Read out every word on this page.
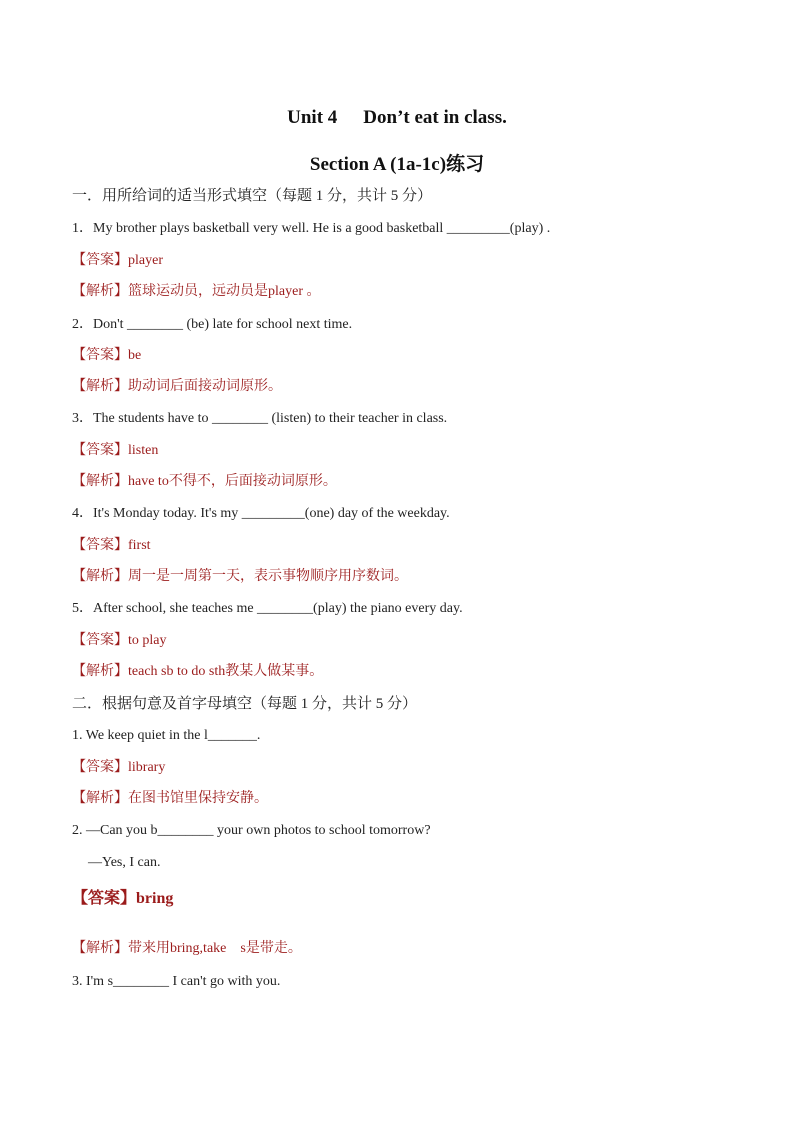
Unit 4 Don’t eat in class.
Section A (1a-1c)练习
一．用所给词的适当形式填空（每题 1 分，共计 5 分）
1．My brother plays basketball very well. He is a good basketball _________(play) .
【答案】player
【解析】篮球运动员，远动员是player 。
2．Don't ________ (be) late for school next time.
【答案】be
【解析】助动词后面接动词原形。
3．The students have to ________ (listen) to their teacher in class.
【答案】listen
【解析】have to不得不，后面接动词原形。
4．It's Monday today. It's my _________(one) day of the weekday.
【答案】first
【解析】周一是一周第一天，表示事物顺序用序数词。
5．After school, she teaches me ________(play) the piano every day.
【答案】to play
【解析】teach sb to do sth教某人做某事。
二．根据句意及首字母填空（每题 1 分，共计 5 分）
1. We keep quiet in the l_______.
【答案】library
【解析】在图书馆里保持安静。
2. —Can you b________ your own photos to school tomorrow?
—Yes, I can.
【答案】bring
【解析】带来用bring,take　s是带走。
3. I'm s________ I can't go with you.
